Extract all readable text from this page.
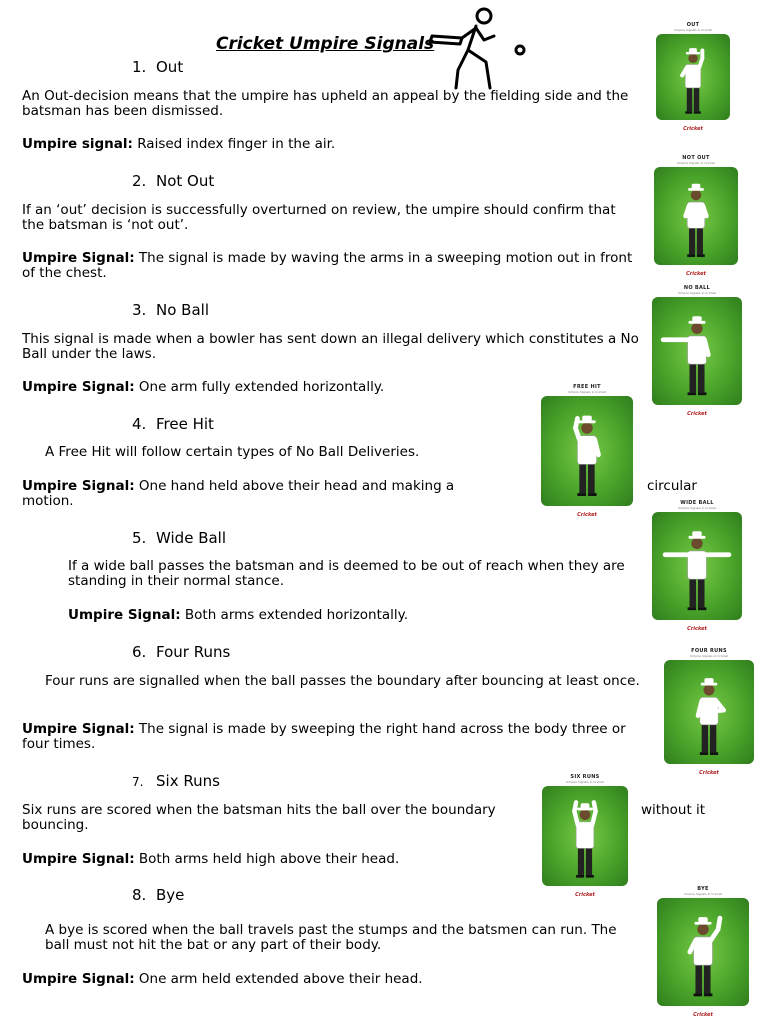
Cricket Umpire Signals
1. Out
An Out-decision means that the umpire has upheld an appeal by the fielding side and the batsman has been dismissed.
Umpire signal: Raised index finger in the air.
2. Not Out
If an ‘out’ decision is successfully overturned on review, the umpire should confirm that the batsman is ‘not out’.
Umpire Signal: The signal is made by waving the arms in a sweeping motion out in front of the chest.
3. No Ball
This signal is made when a bowler has sent down an illegal delivery which constitutes a No Ball under the laws.
Umpire Signal: One arm fully extended horizontally.
4. Free Hit
A Free Hit will follow certain types of No Ball Deliveries.
Umpire Signal: One hand held above their head and making a	circular
motion.
5. Wide Ball
If a wide ball passes the batsman and is deemed to be out of reach when they are standing in their normal stance.
Umpire Signal: Both arms extended horizontally.
6. Four Runs
Four runs are signalled when the ball passes the boundary after bouncing at least once.
Umpire Signal: The signal is made by sweeping the right hand across the body three or four times.
7. Six Runs
Six runs are scored when the batsman hits the ball over the boundary	without it
bouncing.
Umpire Signal: Both arms held high above their head.
8. Bye
A bye is scored when the ball travels past the stumps and the batsmen can run. The ball must not hit the bat or any part of their body.
Umpire Signal: One arm held extended above their head.
OUT
Umpire Signals in Cricket
Cricket
NOT OUT
Umpire Signals in Cricket
Cricket
NO BALL
Umpire Signals in Cricket
Cricket
FREE HIT
Umpire Signals in Cricket
Cricket
WIDE BALL
Umpire Signals in Cricket
Cricket
FOUR RUNS
Umpire Signals in Cricket
Cricket
SIX RUNS
Umpire Signals in Cricket
Cricket
BYE
Umpire Signals in Cricket
Cricket
